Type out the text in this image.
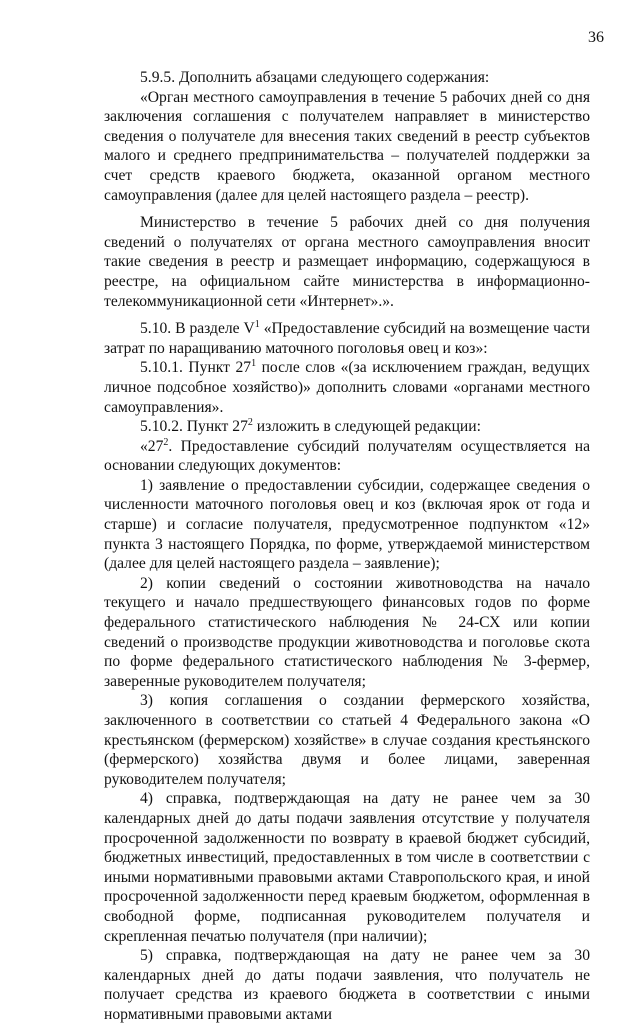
36

5.9.5. Дополнить абзацами следующего содержания:

«Орган местного самоуправления в течение 5 рабочих дней со дня заключения соглашения с получателем направляет в министерство сведения о получателе для внесения таких сведений в реестр субъектов малого и среднего предпринимательства – получателей поддержки за счет средств краевого бюджета, оказанной органом местного самоуправления (далее для целей настоящего раздела – реестр).

Министерство в течение 5 рабочих дней со дня получения сведений о получателях от органа местного самоуправления вносит такие сведения в реестр и размещает информацию, содержащуюся в реестре, на официальном сайте министерства в информационно-телекоммуникационной сети «Интернет».».

5.10. В разделе $V^1$ «Предоставление субсидий на возмещение части затрат по наращиванию маточного поголовья овец и коз»:

5.10.1. Пункт $27^1$ после слов «(за исключением граждан, ведущих личное подсобное хозяйство)» дополнить словами «органами местного самоуправления».

5.10.2. Пункт $27^2$ изложить в следующей редакции:

«$27^2$. Предоставление субсидий получателям осуществляется на основании следующих документов:

1) заявление о предоставлении субсидии, содержащее сведения о численности маточного поголовья овец и коз (включая ярок от года и старше) и согласие получателя, предусмотренное подпунктом «12» пункта 3 настоящего Порядка, по форме, утверждаемой министерством (далее для целей настоящего раздела – заявление);

2) копии сведений о состоянии животноводства на начало текущего и начало предшествующего финансовых годов по форме федерального статистического наблюдения № 24-СХ или копии сведений о производстве продукции животноводства и поголовье скота по форме федерального статистического наблюдения № 3-фермер, заверенные руководителем получателя;

3) копия соглашения о создании фермерского хозяйства, заключенного в соответствии со статьей 4 Федерального закона «О крестьянском (фермерском) хозяйстве» в случае создания крестьянского (фермерского) хозяйства двумя и более лицами, заверенная руководителем получателя;

4) справка, подтверждающая на дату не ранее чем за 30 календарных дней до даты подачи заявления отсутствие у получателя просроченной задолженности по возврату в краевой бюджет субсидий, бюджетных инвестиций, предоставленных в том числе в соответствии с иными нормативными правовыми актами Ставропольского края, и иной просроченной задолженности перед краевым бюджетом, оформленная в свободной форме, подписанная руководителем получателя и скрепленная печатью получателя (при наличии);

5) справка, подтверждающая на дату не ранее чем за 30 календарных дней до даты подачи заявления, что получатель не получает средства из краевого бюджета в соответствии с иными нормативными правовыми актами
